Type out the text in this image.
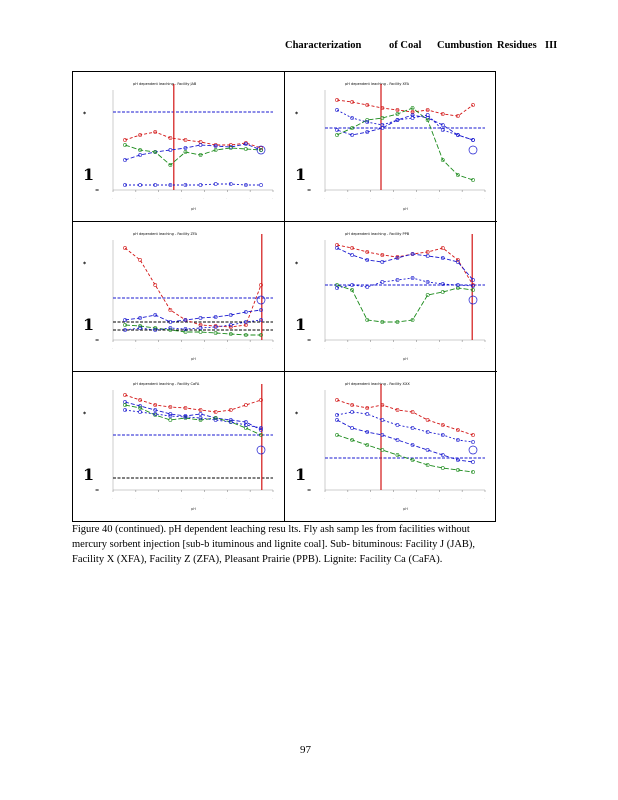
Characterization	of Coal Cumbustion Residues III
pH dependent leaching - Facility JAB
·	·	·	·	·	·	·	·
*
1
=
pH
pH dependent leaching - Facility XFA
·	·	·	·	·	·	·	·
*
1
=
pH
pH dependent leaching - Facility ZFA
·	·	·	·	·	·	·	·
*
1
=
pH
pH dependent leaching - Facility PPB
·	·	·	·	·	·	·	·
*
1
=
pH
pH dependent leaching - Facility CaFA
·	·	·	·	·	·	·	·
*
1
=
pH
pH dependent leaching - Facility XXX
·	·	·	·	·	·	·	·
*
1
=
pH
Figure 40 (continued). pH dependent leaching resu lts. Fly ash samp les from facilities without
mercury sorbent injection [sub-b ituminous and lignite coal]. Sub- bituminous: Facility J (JAB),
Facility X (XFA), Facility Z (ZFA), Pleasant Prairie (PPB). Lignite: Facility Ca (CaFA).
97
